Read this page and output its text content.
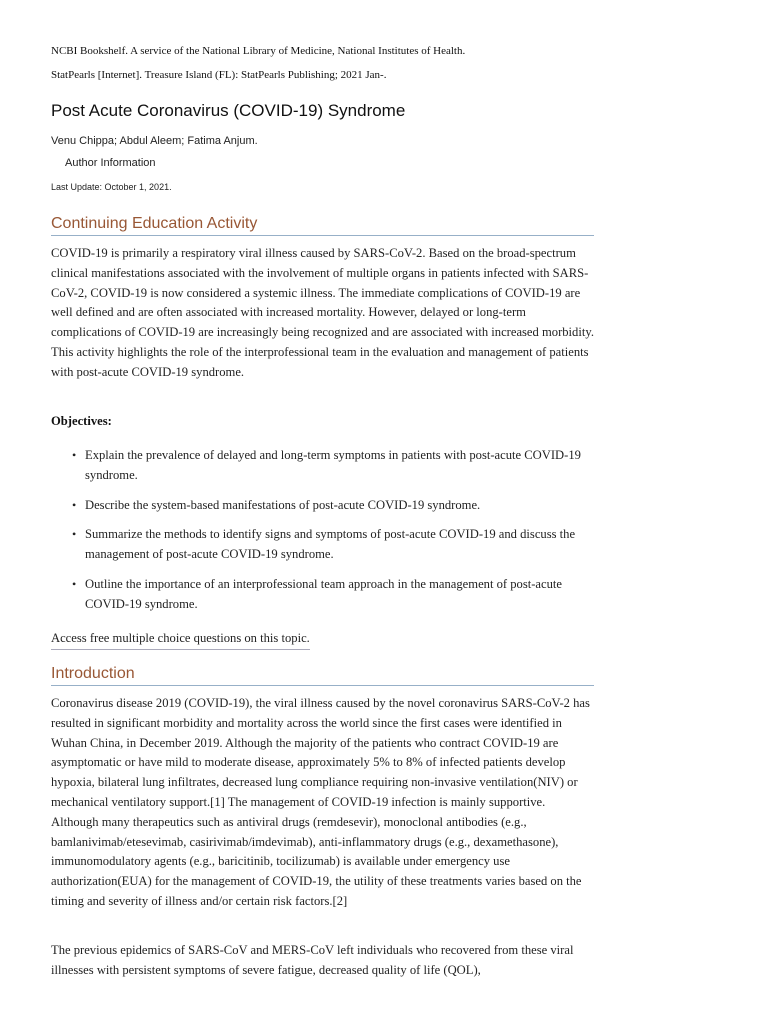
NCBI Bookshelf. A service of the National Library of Medicine, National Institutes of Health.
StatPearls [Internet]. Treasure Island (FL): StatPearls Publishing; 2021 Jan-.
Post Acute Coronavirus (COVID-19) Syndrome
Venu Chippa; Abdul Aleem; Fatima Anjum.
Author Information
Last Update: October 1, 2021.
Continuing Education Activity

COVID-19 is primarily a respiratory viral illness caused by SARS-CoV-2. Based on the broad-spectrum clinical manifestations associated with the involvement of multiple organs in patients infected with SARS-CoV-2, COVID-19 is now considered a systemic illness. The immediate complications of COVID-19 are well defined and are often associated with increased mortality. However, delayed or long-term complications of COVID-19 are increasingly being recognized and are associated with increased morbidity. This activity highlights the role of the interprofessional team in the evaluation and management of patients with post-acute COVID-19 syndrome.

Objectives:

• Explain the prevalence of delayed and long-term symptoms in patients with post-acute COVID-19 syndrome.
• Describe the system-based manifestations of post-acute COVID-19 syndrome.
• Summarize the methods to identify signs and symptoms of post-acute COVID-19 and discuss the management of post-acute COVID-19 syndrome.
• Outline the importance of an interprofessional team approach in the management of post-acute COVID-19 syndrome.
Access free multiple choice questions on this topic.
Introduction

Coronavirus disease 2019 (COVID-19), the viral illness caused by the novel coronavirus SARS-CoV-2 has resulted in significant morbidity and mortality across the world since the first cases were identified in Wuhan China, in December 2019. Although the majority of the patients who contract COVID-19 are asymptomatic or have mild to moderate disease, approximately 5% to 8% of infected patients develop hypoxia, bilateral lung infiltrates, decreased lung compliance requiring non-invasive ventilation(NIV) or mechanical ventilatory support.[1] The management of COVID-19 infection is mainly supportive. Although many therapeutics such as antiviral drugs (remdesevir), monoclonal antibodies (e.g., bamlanivimab/etesevimab, casirivimab/imdevimab), anti-inflammatory drugs (e.g., dexamethasone), immunomodulatory agents (e.g., baricitinib, tocilizumab) is available under emergency use authorization(EUA) for the management of COVID-19, the utility of these treatments varies based on the timing and severity of illness and/or certain risk factors.[2]

The previous epidemics of SARS-CoV and MERS-CoV left individuals who recovered from these viral illnesses with persistent symptoms of severe fatigue, decreased quality of life (QOL),
